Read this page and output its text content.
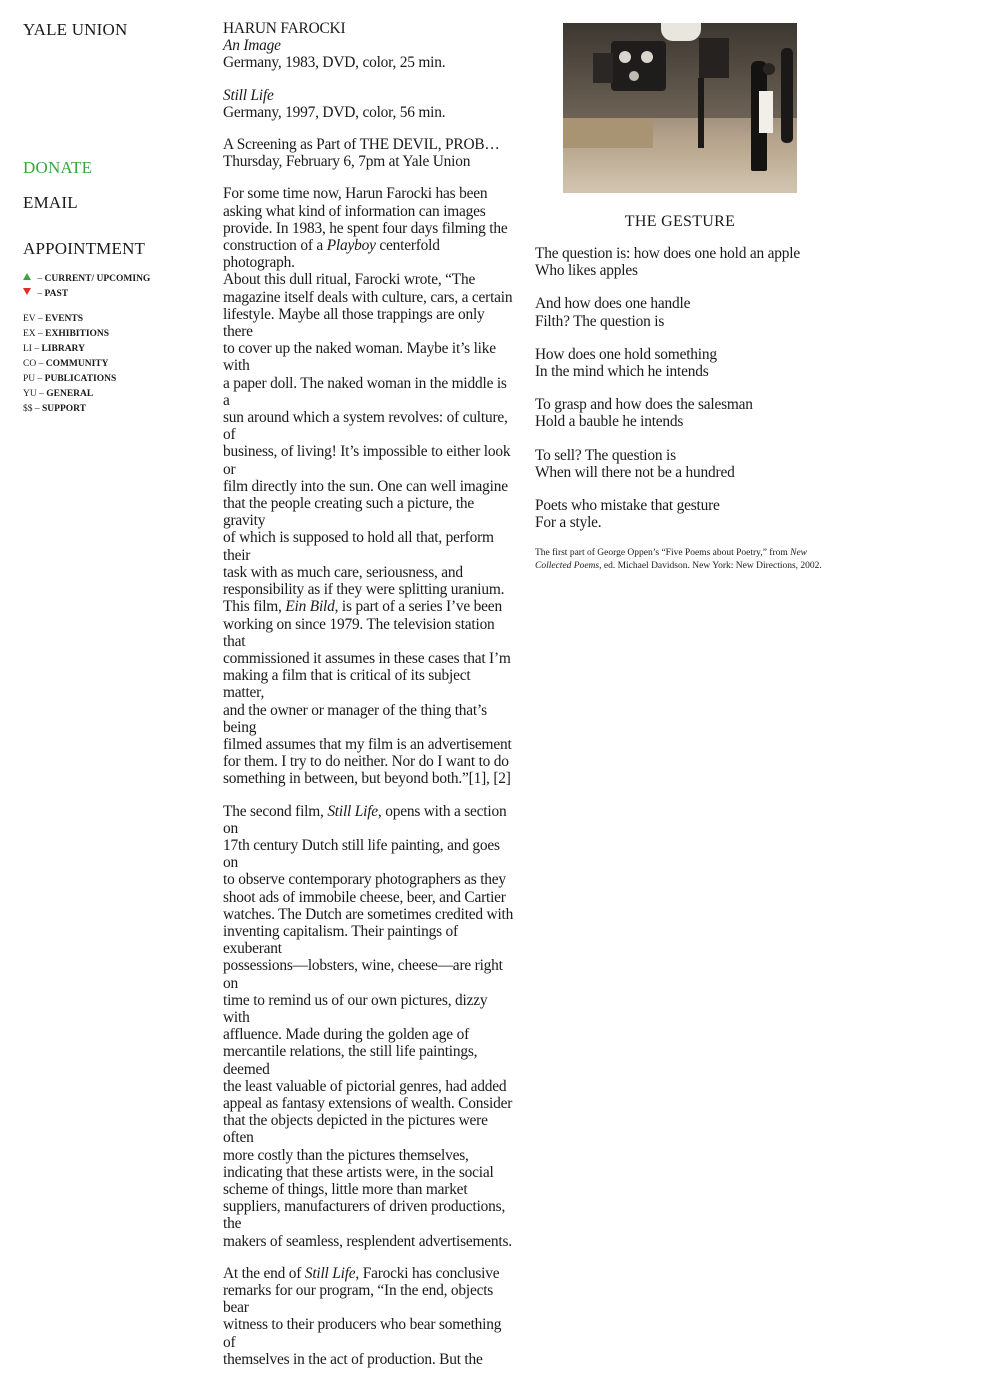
YALE UNION
DONATE
EMAIL
APPOINTMENT
– CURRENT/ UPCOMING
– PAST
EV – EVENTS
EX – EXHIBITIONS
LI – LIBRARY
CO – COMMUNITY
PU – PUBLICATIONS
YU – GENERAL
$$ – SUPPORT

HARUN FAROCKI
An Image
Germany, 1983, DVD, color, 25 min.

Still Life
Germany, 1997, DVD, color, 56 min.

A Screening as Part of THE DEVIL, PROB…
Thursday, February 6, 7pm at Yale Union

For some time now, Harun Farocki has been
asking what kind of information can images
provide. In 1983, he spent four days filming the
construction of a Playboy centerfold photograph.
About this dull ritual, Farocki wrote, “The
magazine itself deals with culture, cars, a certain
lifestyle. Maybe all those trappings are only there
to cover up the naked woman. Maybe it’s like with
a paper doll. The naked woman in the middle is a
sun around which a system revolves: of culture, of
business, of living! It’s impossible to either look or
film directly into the sun. One can well imagine
that the people creating such a picture, the gravity
of which is supposed to hold all that, perform their
task with as much care, seriousness, and
responsibility as if they were splitting uranium.
This film, Ein Bild, is part of a series I’ve been
working on since 1979. The television station that
commissioned it assumes in these cases that I’m
making a film that is critical of its subject matter,
and the owner or manager of the thing that’s being
filmed assumes that my film is an advertisement
for them. I try to do neither. Nor do I want to do
something in between, but beyond both.”[1], [2]

The second film, Still Life, opens with a section on
17th century Dutch still life painting, and goes on
to observe contemporary photographers as they
shoot ads of immobile cheese, beer, and Cartier
watches. The Dutch are sometimes credited with
inventing capitalism. Their paintings of exuberant
possessions—lobsters, wine, cheese—are right on
time to remind us of our own pictures, dizzy with
affluence. Made during the golden age of
mercantile relations, the still life paintings, deemed
the least valuable of pictorial genres, had added
appeal as fantasy extensions of wealth. Consider
that the objects depicted in the pictures were often
more costly than the pictures themselves,
indicating that these artists were, in the social
scheme of things, little more than market
suppliers, manufacturers of driven productions, the
makers of seamless, resplendent advertisements.

At the end of Still Life, Farocki has conclusive
remarks for our program, “In the end, objects bear
witness to their producers who bear something of
themselves in the act of production. But the

THE GESTURE
The question is: how does one hold an apple
Who likes apples
And how does one handle
Filth? The question is
How does one hold something
In the mind which he intends
To grasp and how does the salesman
Hold a bauble he intends
To sell? The question is
When will there not be a hundred
Poets who mistake that gesture
For a style.
The first part of George Oppen’s “Five Poems about Poetry,” from New
Collected Poems, ed. Michael Davidson. New York: New Directions, 2002.
